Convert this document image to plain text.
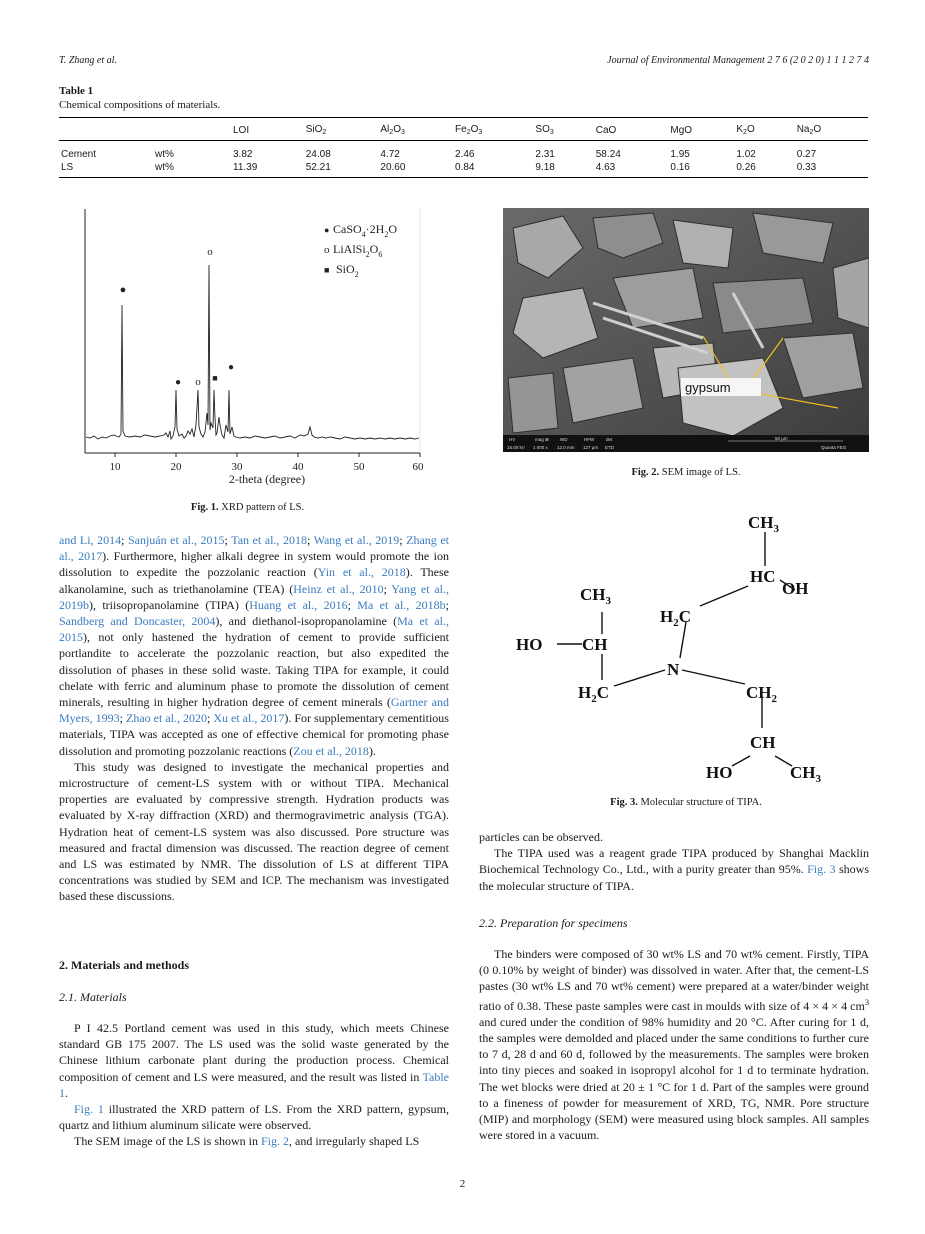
T. Zhang et al.	Journal of Environmental Management 2 7 6 (2 0 2 0) 1 1 1 2 7 4
Table 1
Chemical compositions of materials.
		LOI	SiO$_2$	$Al_2O_3$	$Fe_2O_3$	$SO_3$	CaO	MgO	$K_2O$	$Na_2O$
Cement	wt%	3.82	24.08	4.72	2.46	2.31	58.24	1.95	1.02	0.27
LS	wt%	11.39	52.21	20.60	0.84	9.18	4.63	0.16	0.26	0.33
10	20	30	40	50	60
2-theta (degree)
●
● o
o
■
●
● $CaSO_4\cdot 2H_2O$
o $LiAlSi_2O_6$
■ SiO$_2$
Fig. 1. XRD pattern of LS.
gypsum
HV	mag ⊞ WD	HFW	det
15.00 kV 1 000 x 12.0 mm 127 μm ETD	Quanta FEG
50 μm
Fig. 2. SEM image of LS.
$CH_3$
HC
OH
$H_2C$
$CH_3$
HO CH
N
$H_2C$	$CH_2$
CH
HO	$CH_3$
Fig. 3. Molecular structure of TIPA.

and Li, 2014; Sanjuán et al., 2015; Tan et al., 2018; Wang et al., 2019; Zhang et al., 2017). Furthermore, higher alkali degree in system would promote the ion dissolution to expedite the pozzolanic reaction (Yin et al., 2018). These alkanolamine, such as triethanolamine (TEA) (Heinz et al., 2010; Yang et al., 2019b), triisopropanolamine (TIPA) (Huang et al., 2016; Ma et al., 2018b; Sandberg and Doncaster, 2004), and diethanol-isopropanolamine (Ma et al., 2015), not only hastened the hydration of cement to provide sufficient portlandite to accelerate the pozzolanic reaction, but also expedited the dissolution of phases in these solid waste. Taking TIPA for example, it could chelate with ferric and aluminum phase to promote the dissolution of cement minerals, resulting in higher hydration degree of cement minerals (Gartner and Myers, 1993; Zhao et al., 2020; Xu et al., 2017). For supplementary cementitious materials, TIPA was accepted as one of effective chemical for promoting phase dissolution and promoting pozzolanic reactions (Zou et al., 2018).

This study was designed to investigate the mechanical properties and microstructure of cement-LS system with or without TIPA. Mechanical properties are evaluated by compressive strength. Hydration products was evaluated by X-ray diffraction (XRD) and thermogravimetric analysis (TGA). Hydration heat of cement-LS system was also discussed. Pore structure was measured and fractal dimension was discussed. The reaction degree of cement and LS was estimated by NMR. The dissolution of LS at different TIPA concentrations was studied by SEM and ICP. The mechanism was investigated based these discussions.

2. Materials and methods
2.1. Materials

P I 42.5 Portland cement was used in this study, which meets Chinese standard GB 175 2007. The LS used was the solid waste generated by the Chinese lithium carbonate plant during the production process. Chemical composition of cement and LS were measured, and the result was listed in Table 1.

Fig. 1 illustrated the XRD pattern of LS. From the XRD pattern, gypsum, quartz and lithium aluminum silicate were observed.

The SEM image of the LS is shown in Fig. 2, and irregularly shaped LS

particles can be observed.

The TIPA used was a reagent grade TIPA produced by Shanghai Macklin Biochemical Technology Co., Ltd., with a purity greater than 95%. Fig. 3 shows the molecular structure of TIPA.

2.2. Preparation for specimens

The binders were composed of 30 wt% LS and 70 wt% cement. Firstly, TIPA (0 0.10% by weight of binder) was dissolved in water. After that, the cement-LS pastes (30 wt% LS and 70 wt% cement) were prepared at a water/binder weight ratio of 0.38. These paste samples were cast in moulds with size of 4 × 4 × 4 $cm^3$ and cured under the condition of 98% humidity and 20 °C. After curing for 1 d, the samples were demolded and placed under the same conditions to further cure to 7 d, 28 d and 60 d, followed by the measurements. The samples were broken into tiny pieces and soaked in isopropyl alcohol for 1 d to terminate hydration. The wet blocks were dried at 20 ± 1 °C for 1 d. Part of the samples were ground to a fineness of powder for measurement of XRD, TG, NMR. Pore structure (MIP) and morphology (SEM) were measured using block samples. All samples were stored in a vacuum.

2
